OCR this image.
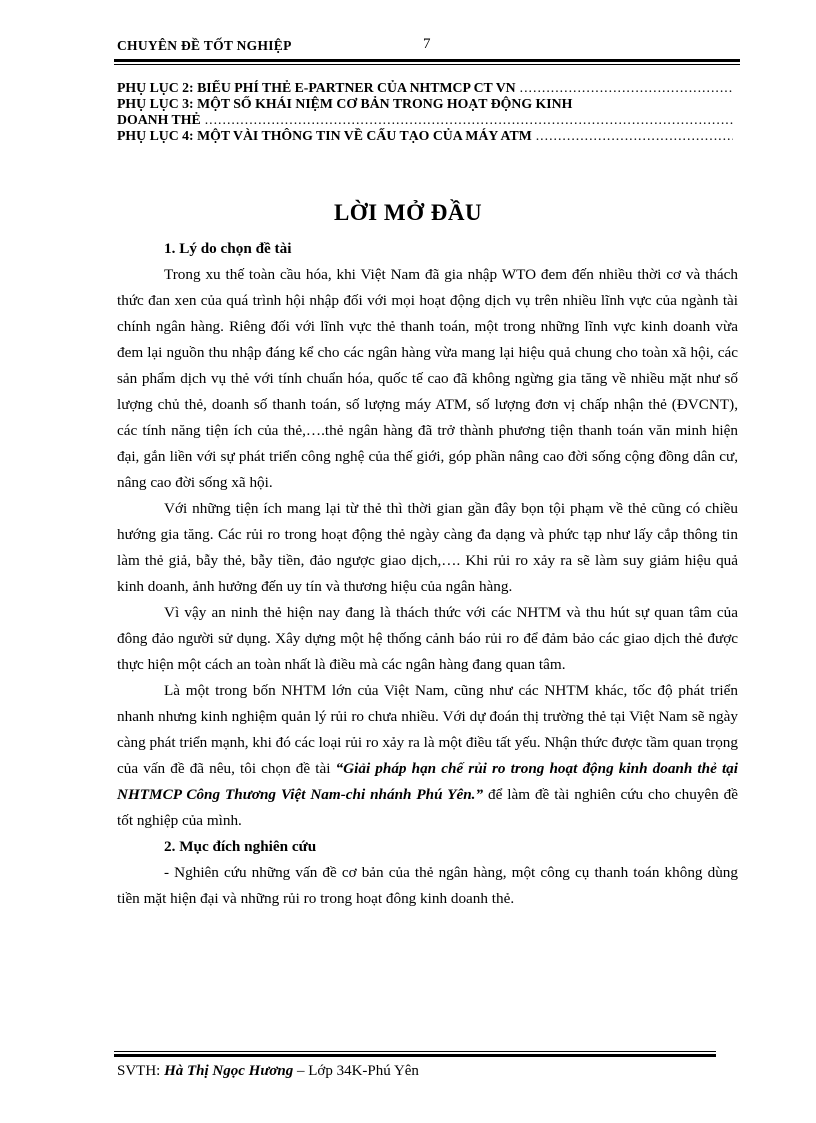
CHUYÊN ĐỀ TỐT NGHIỆP	7
PHỤ LỤC 2: BIỂU PHÍ THẺ E-PARTNER CỦA NHTMCP CT VN
.....
PHỤ LỤC 3: MỘT SỐ KHÁI NIỆM CƠ BẢN TRONG HOẠT ĐỘNG KINH
DOANH THẺ
.....
PHỤ LỤC 4: MỘT VÀI THÔNG TIN VỀ CẤU TẠO CỦA MÁY ATM
.....
LỜI MỞ ĐẦU

1. Lý do chọn đề tài

Trong xu thế toàn cầu hóa, khi Việt Nam đã gia nhập WTO đem đến nhiều thời cơ và thách thức đan xen của quá trình hội nhập đối với mọi hoạt động dịch vụ trên nhiều lĩnh vực của ngành tài chính ngân hàng. Riêng đối với lĩnh vực thẻ thanh toán, một trong những lĩnh vực kinh doanh vừa đem lại nguồn thu nhập đáng kể cho các ngân hàng vừa mang lại hiệu quả chung cho toàn xã hội, các sản phẩm dịch vụ thẻ với tính chuẩn hóa, quốc tế cao đã không ngừng gia tăng về nhiều mặt như số lượng chủ thẻ, doanh số thanh toán, số lượng máy ATM, số lượng đơn vị chấp nhận thẻ (ĐVCNT), các tính năng tiện ích của thẻ,….thẻ ngân hàng đã trở thành phương tiện thanh toán văn minh hiện đại, gắn liền với sự phát triển công nghệ của thế giới, góp phần nâng cao đời sống cộng đồng dân cư, nâng cao đời sống xã hội.

Với những tiện ích mang lại từ thẻ thì thời gian gần đây bọn tội phạm về thẻ cũng có chiều hướng gia tăng. Các rủi ro trong hoạt động thẻ ngày càng đa dạng và phức tạp như lấy cắp thông tin làm thẻ giả, bẫy thẻ, bẫy tiền, đảo ngược giao dịch,…. Khi rủi ro xảy ra sẽ làm suy giảm hiệu quả kinh doanh, ảnh hưởng đến uy tín và thương hiệu của ngân hàng.

Vì vậy an ninh thẻ hiện nay đang là thách thức với các NHTM và thu hút sự quan tâm của đông đảo người sử dụng. Xây dựng một hệ thống cảnh báo rủi ro để đảm bảo các giao dịch thẻ được thực hiện một cách an toàn nhất là điều mà các ngân hàng đang quan tâm.

Là một trong bốn NHTM lớn của Việt Nam, cũng như các NHTM khác, tốc độ phát triển nhanh nhưng kinh nghiệm quản lý rủi ro chưa nhiều. Với dự đoán thị trường thẻ tại Việt Nam sẽ ngày càng phát triển mạnh, khi đó các loại rủi ro xảy ra là một điều tất yếu. Nhận thức được tầm quan trọng của vấn đề đã nêu, tôi chọn đề tài “Giải pháp hạn chế rủi ro trong hoạt động kinh doanh thẻ tại NHTMCP Công Thương Việt Nam-chi nhánh Phú Yên.” để làm đề tài nghiên cứu cho chuyên đề tốt nghiệp của mình.

2. Mục đích nghiên cứu

- Nghiên cứu những vấn đề cơ bản của thẻ ngân hàng, một công cụ thanh toán không dùng tiền mặt hiện đại và những rủi ro trong hoạt đông kinh doanh thẻ.

SVTH: Hà Thị Ngọc Hương – Lớp 34K-Phú Yên
